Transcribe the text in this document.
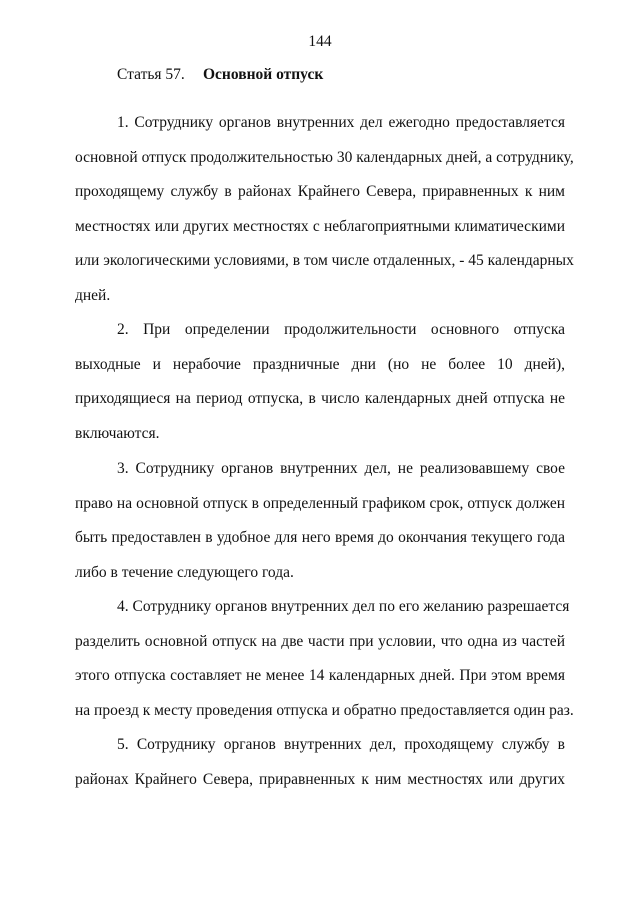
144
Статья 57. Основной отпуск
1. Сотруднику органов внутренних дел ежегодно предоставляется
основной отпуск продолжительностью 30 календарных дней, а сотруднику,
проходящему службу в районах Крайнего Севера, приравненных к ним
местностях или других местностях с неблагоприятными климатическими
или экологическими условиями, в том числе отдаленных, - 45 календарных
дней.
2. При определении продолжительности основного отпуска
выходные и нерабочие праздничные дни (но не более 10 дней),
приходящиеся на период отпуска, в число календарных дней отпуска не
включаются.
3. Сотруднику органов внутренних дел, не реализовавшему свое
право на основной отпуск в определенный графиком срок, отпуск должен
быть предоставлен в удобное для него время до окончания текущего года
либо в течение следующего года.
4. Сотруднику органов внутренних дел по его желанию разрешается
разделить основной отпуск на две части при условии, что одна из частей
этого отпуска составляет не менее 14 календарных дней. При этом время
на проезд к месту проведения отпуска и обратно предоставляется один раз.
5. Сотруднику органов внутренних дел, проходящему службу в
районах Крайнего Севера, приравненных к ним местностях или других
